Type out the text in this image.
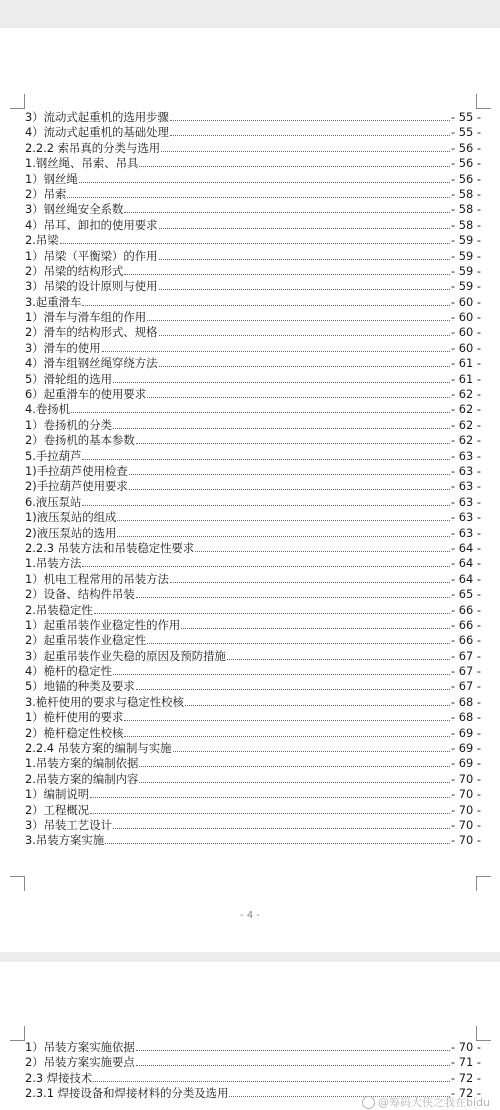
3）流动式起重机的选用步骤	- 55 -
4）流动式起重机的基础处理	- 55 -
2.2.2 索吊真的分类与选用	- 56 -
1.钢丝绳、吊索、吊具	- 56 -
1）钢丝绳	- 56 -
2）吊索	- 58 -
3）钢丝绳安全系数	- 58 -
4）吊耳、卸扣的使用要求	- 58 -
2.吊梁	- 59 -
1）吊梁（平衡梁）的作用	- 59 -
2）吊梁的结构形式	- 59 -
3）吊梁的设计原则与使用	- 59 -
3.起重滑车	- 60 -
1）滑车与滑车组的作用	- 60 -
2）滑车的结构形式、规格	- 60 -
3）滑车的使用	- 60 -
4）滑车组钢丝绳穿绕方法	- 61 -
5）滑轮组的选用	- 61 -
6）起重滑车的使用要求	- 62 -
4.卷扬机	- 62 -
1）卷扬机的分类	- 62 -
2）卷扬机的基本参数	- 62 -
5.手拉葫芦	- 63 -
1)手拉葫芦使用检查	- 63 -
2)手拉葫芦使用要求	- 63 -
6.液压泵站	- 63 -
1)液压泵站的组成	- 63 -
2)液压泵站的选用	- 63 -
2.2.3 吊装方法和吊装稳定性要求	- 64 -
1.吊装方法	- 64 -
1）机电工程常用的吊装方法	- 64 -
2）设备、结构件吊装	- 65 -
2.吊装稳定性	- 66 -
1）起重吊装作业稳定性的作用	- 66 -
2）起重吊装作业稳定性	- 66 -
3）起重吊装作业失稳的原因及预防措施	- 67 -
4）桅杆的稳定性	- 67 -
5）地锚的种类及要求	- 67 -
3.桅杆使用的要求与稳定性校核	- 68 -
1）桅杆使用的要求	- 68 -
2）桅杆稳定性校核	- 69 -
2.2.4 吊装方案的编制与实施	- 69 -
1.吊装方案的编制依据	- 69 -
2.吊装方案的编制内容	- 70 -
1）编制说明	- 70 -
2）工程概况	- 70 -
3）吊装工艺设计	- 70 -
3.吊装方案实施	- 70 -
- 4 -
1）吊装方案实施依据	- 70 -
2）吊装方案实施要点	- 71 -
2.3 焊接技术	- 72 -
2.3.1 焊接设备和焊接材料的分类及选用	- 72 -
@筹码大侠之我在bidu
